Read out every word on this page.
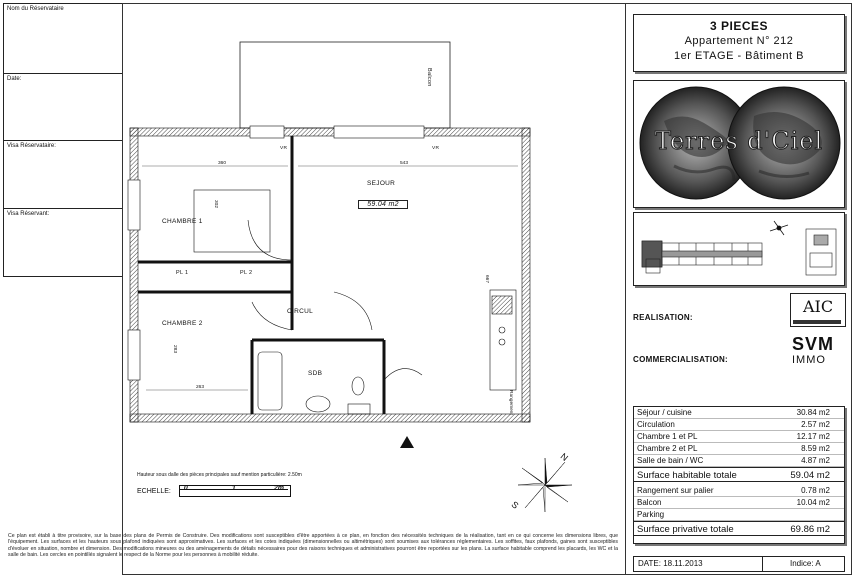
Nom du Réservataire
Date:
Visa Réservataire:
Visa Réservant:
3 PIECES
Appartement N° 212
1er ETAGE - Bâtiment B
Terres d'Ciel
REALISATION:
AIC
COMMERCIALISATION:
SVM
IMMO
Séjour / cuisine	30.84 m2
Circulation	2.57 m2
Chambre 1 et PL	12.17 m2
Chambre 2 et PL	8.59 m2
Salle de bain / WC	4.87 m2
Surface habitable totale	59.04 m2
Rangement sur palier	0.78 m2
Balcon	10.04 m2
Parking
Surface privative totale	69.86 m2
DATE: 18.11.2013	Indice: A
Balcon
SEJOUR
59.04 m2
CHAMBRE 1
CHAMBRE 2
CIRCUL
SDB
PL 1	PL 2
VR	VR
360	543
302
667
283
263
Rangement
Hauteur sous dalle des pièces principales sauf mention particulière: 2.50m
ECHELLE: 0	1	2m
N
S
Ce plan est établi à titre provisoire, sur la base des plans de Permis de Construire. Des modifications sont susceptibles d'être apportées à ce plan, en fonction des nécessités techniques de la réalisation, tant en ce qui concerne les dimensions libres, que l'équipement. Les surfaces et les hauteurs sous plafond indiquées sont approximatives. Les surfaces et les cotes indiquées (dimensionnelles ou altimétriques) sont soumises aux tolérances réglementaires. Les soffites, faux plafonds, gaines sont susceptibles d'évoluer en situation, nombre et dimension. Des modifications mineures ou des aménagements de détails nécessaires pour des raisons techniques et administratives pourront être reportées sur les plans. La surface habitable comprend les placards, les WC et la salle de bain. Les cercles en pointillés signalent le respect de la Norme pour les personnes à mobilité réduite.
